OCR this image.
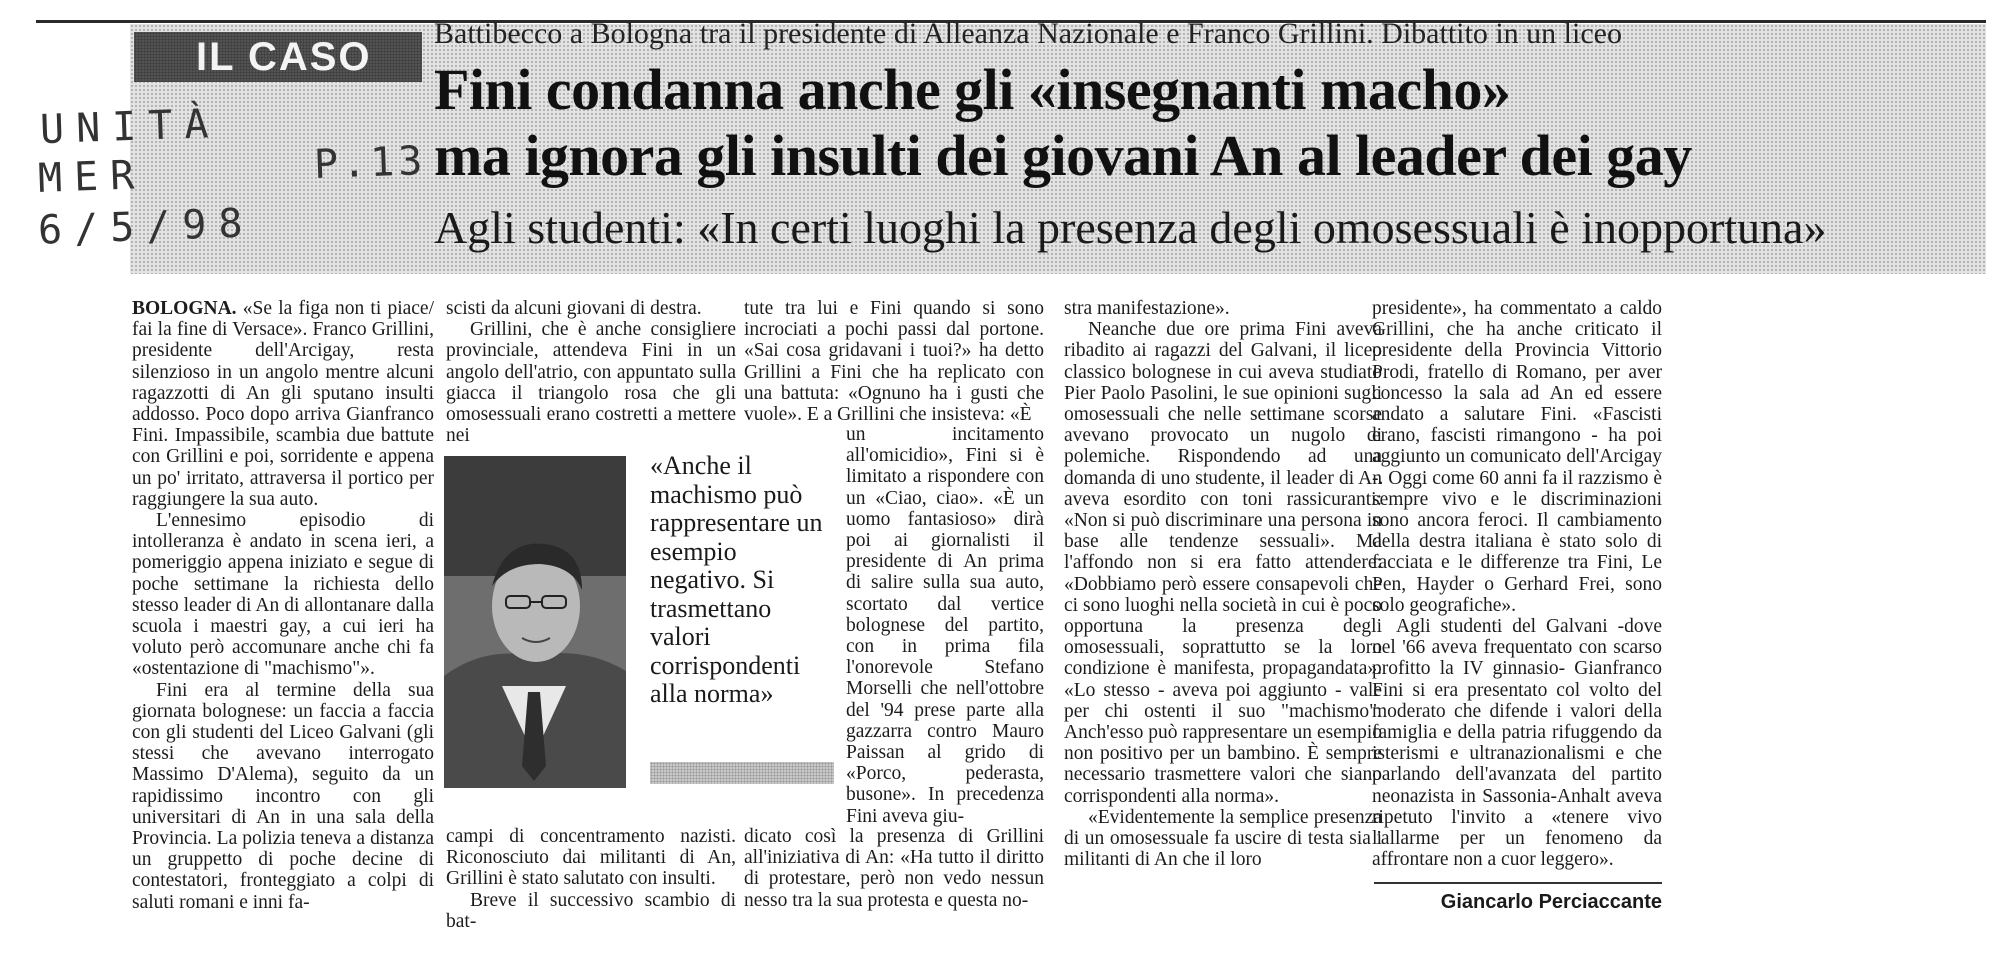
IL CASO
Battibecco a Bologna tra il presidente di Alleanza Nazionale e Franco Grillini. Dibattito in un liceo
Fini condanna anche gli «insegnanti macho»
ma ignora gli insulti dei giovani An al leader dei gay
Agli studenti: «In certi luoghi la presenza degli omosessuali è inopportuna»
UNITÀ
MER
6/5/98
P.13

BOLOGNA. «Se la figa non ti piace/ fai la fine di Versace». Franco Grillini, presidente dell'Arcigay, resta silenzioso in un angolo mentre alcuni ragazzotti di An gli sputano insulti addosso. Poco dopo arriva Gianfranco Fini. Impassibile, scambia due battute con Grillini e poi, sorridente e appena un po' irritato, attraversa il portico per raggiungere la sua auto.

L'ennesimo episodio di intolleranza è andato in scena ieri, a pomeriggio appena iniziato e segue di poche settimane la richiesta dello stesso leader di An di allontanare dalla scuola i maestri gay, a cui ieri ha voluto però accomunare anche chi fa «ostentazione di "machismo"».

Fini era al termine della sua giornata bolognese: un faccia a faccia con gli studenti del Liceo Galvani (gli stessi che avevano interrogato Massimo D'Alema), seguito da un rapidissimo incontro con gli universitari di An in una sala della Provincia. La polizia teneva a distanza un gruppetto di poche decine di contestatori, fronteggiato a colpi di saluti romani e inni fa-

scisti da alcuni giovani di destra.

Grillini, che è anche consigliere provinciale, attendeva Fini in un angolo dell'atrio, con appuntato sulla giacca il triangolo rosa che gli omosessuali erano costretti a mettere nei

tute tra lui e Fini quando si sono incrociati a pochi passi dal portone. «Sai cosa gridavani i tuoi?» ha detto Grillini a Fini che ha replicato con una battuta: «Ognuno ha i gusti che vuole». E a Grillini che insisteva: «È

«Anche il machismo può rappresentare un esempio negativo. Si trasmettano valori corrispondenti alla norma»

un incitamento all'omicidio», Fini si è limitato a rispondere con un «Ciao, ciao». «È un uomo fantasioso» dirà poi ai giornalisti il presidente di An prima di salire sulla sua auto, scortato dal vertice bolognese del partito, con in prima fila l'onorevole Stefano Morselli che nell'ottobre del '94 prese parte alla gazzarra contro Mauro Paissan al grido di «Porco, pederasta, busone». In precedenza Fini aveva giu-

campi di concentramento nazisti. Riconosciuto dai militanti di An, Grillini è stato salutato con insulti.

Breve il successivo scambio di bat-

dicato così la presenza di Grillini all'iniziativa di An: «Ha tutto il diritto di protestare, però non vedo nessun nesso tra la sua protesta e questa no-

stra manifestazione».

Neanche due ore prima Fini aveva ribadito ai ragazzi del Galvani, il liceo classico bolognese in cui aveva studiato Pier Paolo Pasolini, le sue opinioni sugli omosessuali che nelle settimane scorse avevano provocato un nugolo di polemiche. Rispondendo ad una domanda di uno studente, il leader di An aveva esordito con toni rassicuranti: «Non si può discriminare una persona in base alle tendenze sessuali». Ma l'affondo non si era fatto attendere: «Dobbiamo però essere consapevoli che ci sono luoghi nella società in cui è poco opportuna la presenza degli omosessuali, soprattutto se la loro condizione è manifesta, propagandata». «Lo stesso - aveva poi aggiunto - vale per chi ostenti il suo "machismo". Anch'esso può rappresentare un esempio non positivo per un bambino. È sempre necessario trasmettere valori che siano corrispondenti alla norma».

«Evidentemente la semplice presenza di un omosessuale fa uscire di testa sia i militanti di An che il loro

presidente», ha commentato a caldo Grillini, che ha anche criticato il presidente della Provincia Vittorio Prodi, fratello di Romano, per aver concesso la sala ad An ed essere andato a salutare Fini. «Fascisti erano, fascisti rimangono - ha poi aggiunto un comunicato dell'Arcigay -. Oggi come 60 anni fa il razzismo è sempre vivo e le discriminazioni sono ancora feroci. Il cambiamento della destra italiana è stato solo di facciata e le differenze tra Fini, Le Pen, Hayder o Gerhard Frei, sono solo geografiche».

Agli studenti del Galvani -dove nel '66 aveva frequentato con scarso profitto la IV ginnasio- Gianfranco Fini si era presentato col volto del moderato che difende i valori della famiglia e della patria rifuggendo da isterismi e ultranazionalismi e che parlando dell'avanzata del partito neonazista in Sassonia-Anhalt aveva ripetuto l'invito a «tenere vivo l'allarme per un fenomeno da affrontare non a cuor leggero».

Giancarlo Perciaccante
